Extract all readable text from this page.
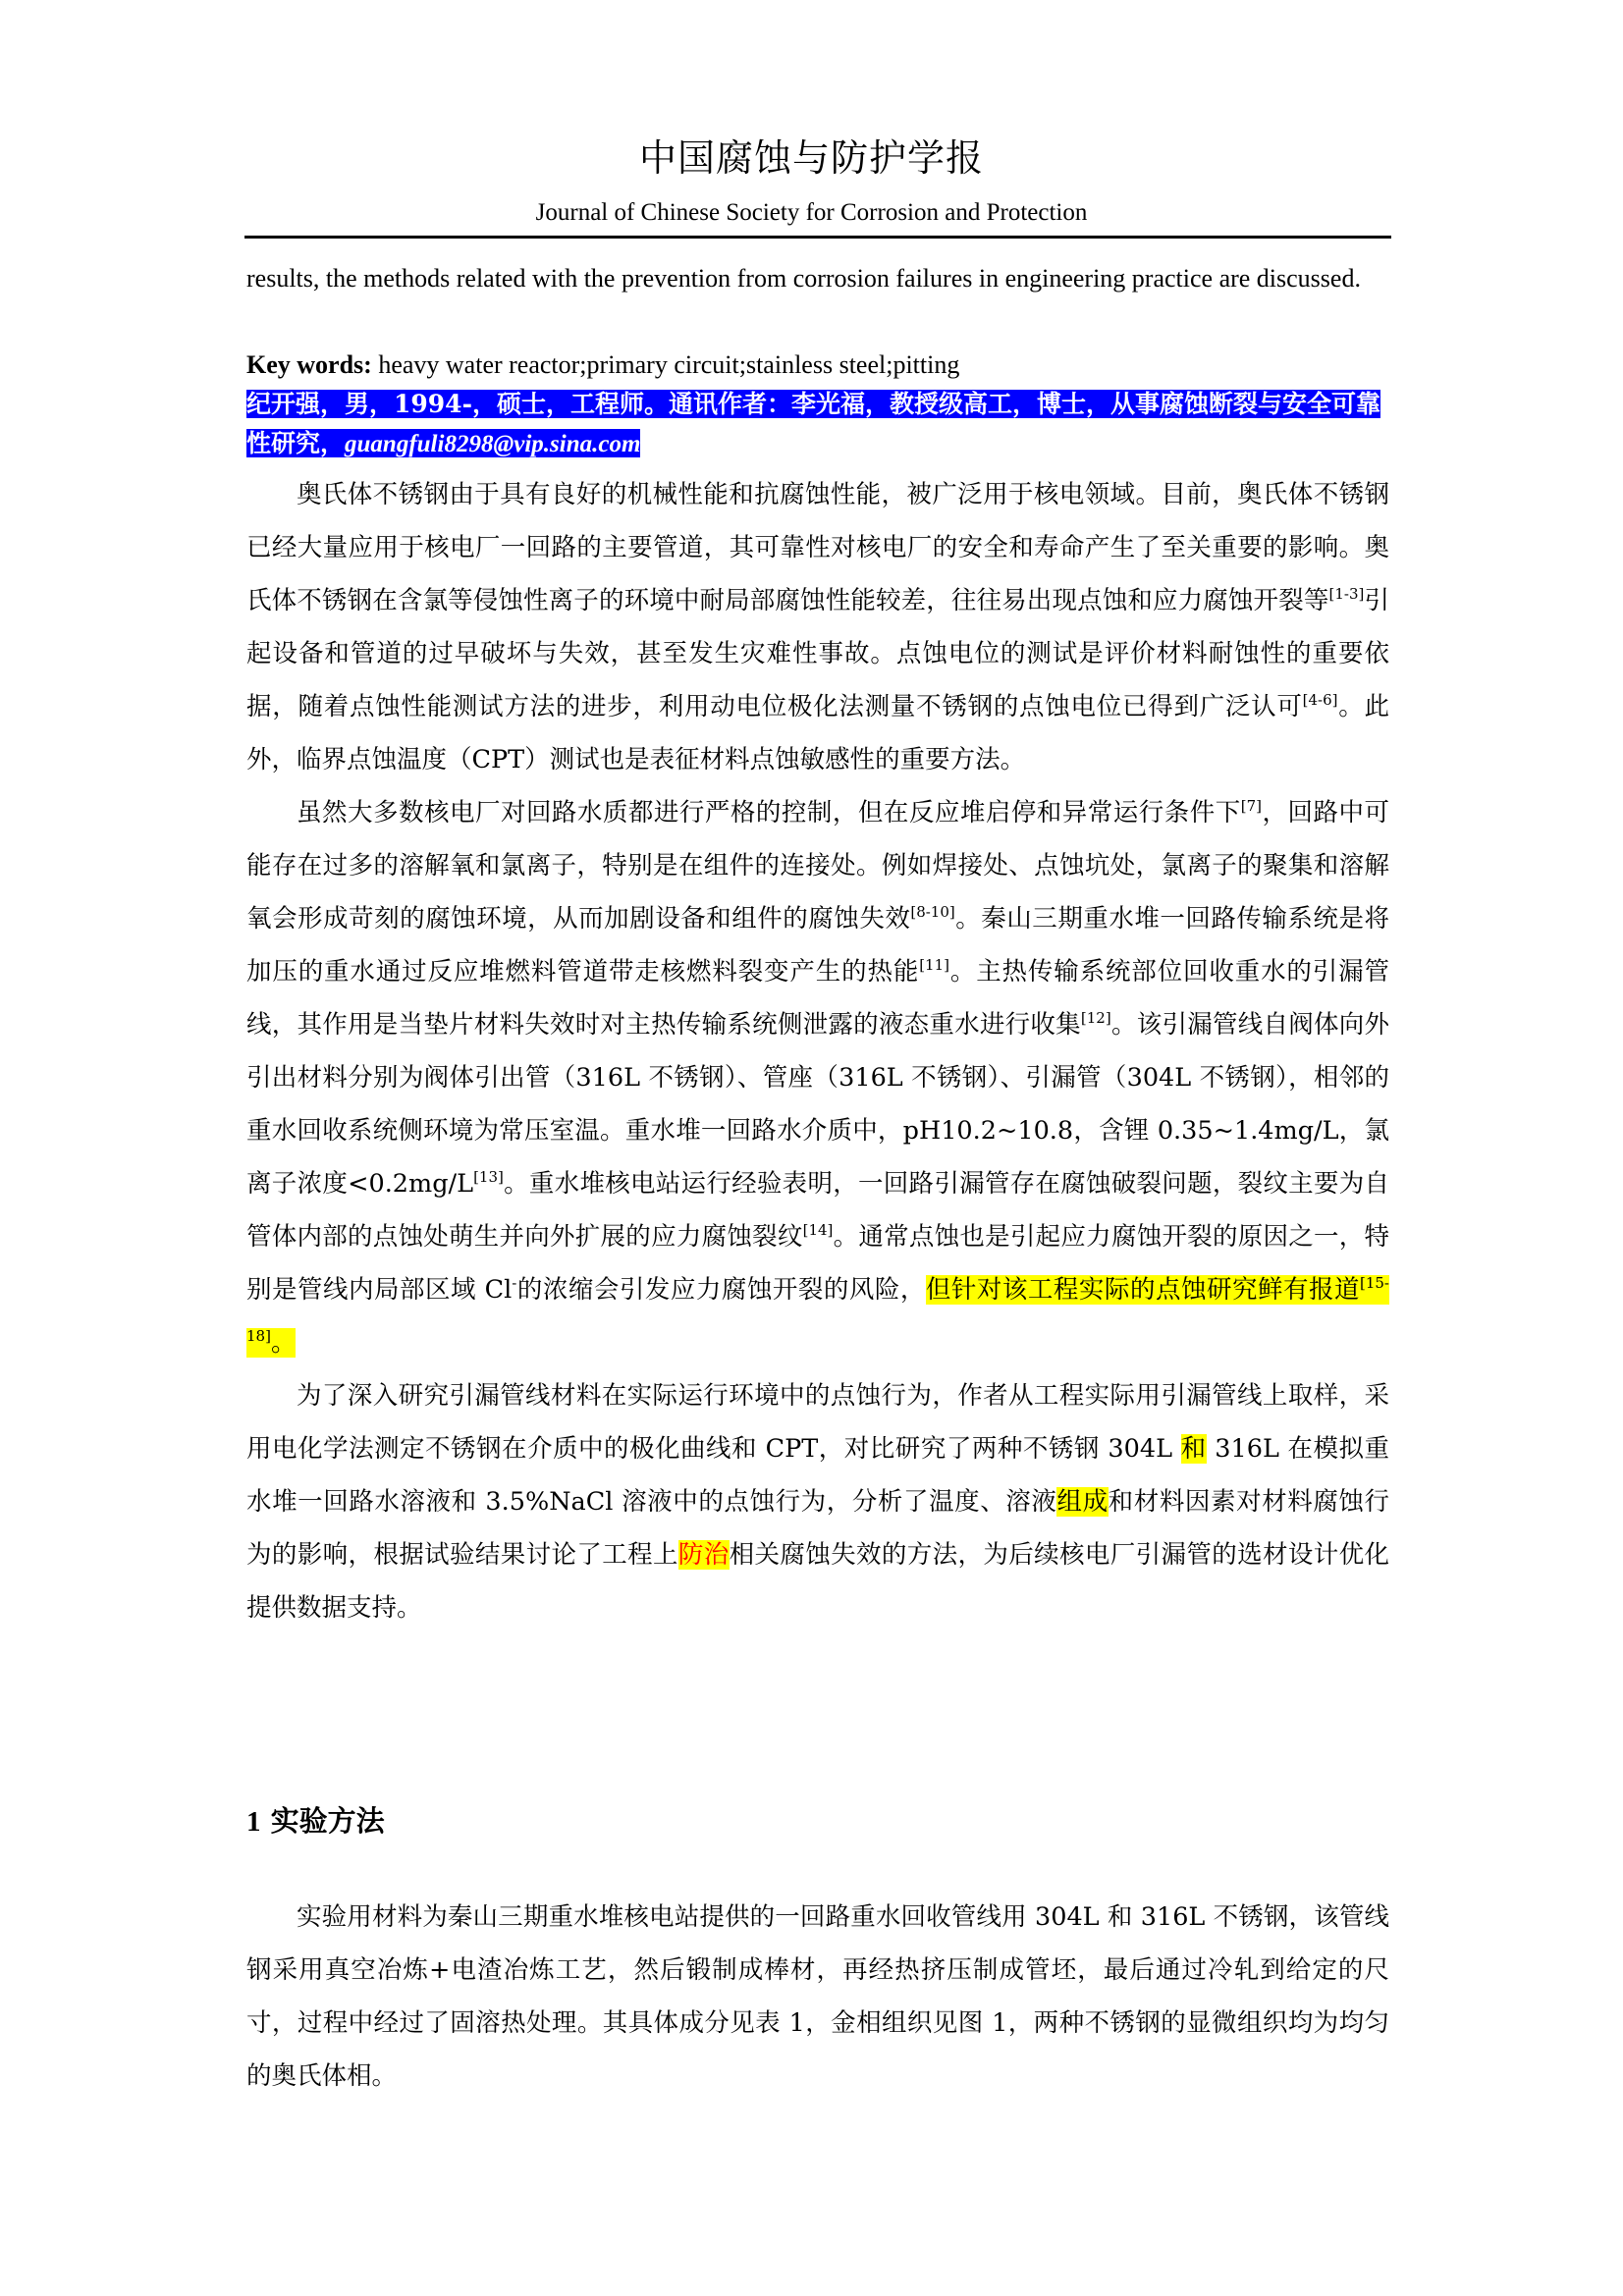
中国腐蚀与防护学报
Journal of Chinese Society for Corrosion and Protection

results, the methods related with the prevention from corrosion failures in engineering practice are discussed.

Key words: heavy water reactor;primary circuit;stainless steel;pitting
纪开强，男，1994-，硕士，工程师。通讯作者：李光福，教授级高工，博士，从事腐蚀断裂与安全可靠性研究，guangfuli8298@vip.sina.com

奥氏体不锈钢由于具有良好的机械性能和抗腐蚀性能，被广泛用于核电领域。目前，奥氏体不锈钢已经大量应用于核电厂一回路的主要管道，其可靠性对核电厂的安全和寿命产生了至关重要的影响。奥氏体不锈钢在含氯等侵蚀性离子的环境中耐局部腐蚀性能较差，往往易出现点蚀和应力腐蚀开裂等[1-3]引起设备和管道的过早破坏与失效，甚至发生灾难性事故。点蚀电位的测试是评价材料耐蚀性的重要依据，随着点蚀性能测试方法的进步，利用动电位极化法测量不锈钢的点蚀电位已得到广泛认可[4-6]。此外，临界点蚀温度（CPT）测试也是表征材料点蚀敏感性的重要方法。

虽然大多数核电厂对回路水质都进行严格的控制，但在反应堆启停和异常运行条件下[7]，回路中可能存在过多的溶解氧和氯离子，特别是在组件的连接处。例如焊接处、点蚀坑处，氯离子的聚集和溶解氧会形成苛刻的腐蚀环境，从而加剧设备和组件的腐蚀失效[8-10]。秦山三期重水堆一回路传输系统是将加压的重水通过反应堆燃料管道带走核燃料裂变产生的热能[11]。主热传输系统部位回收重水的引漏管线，其作用是当垫片材料失效时对主热传输系统侧泄露的液态重水进行收集[12]。该引漏管线自阀体向外引出材料分别为阀体引出管（316L 不锈钢）、管座（316L 不锈钢）、引漏管（304L 不锈钢），相邻的重水回收系统侧环境为常压室温。重水堆一回路水介质中，pH10.2~10.8，含锂 0.35~1.4mg/L，氯离子浓度<0.2mg/L[13]。重水堆核电站运行经验表明，一回路引漏管存在腐蚀破裂问题，裂纹主要为自管体内部的点蚀处萌生并向外扩展的应力腐蚀裂纹[14]。通常点蚀也是引起应力腐蚀开裂的原因之一，特别是管线内局部区域 Cl-的浓缩会引发应力腐蚀开裂的风险，但针对该工程实际的点蚀研究鲜有报道[15-18]。

为了深入研究引漏管线材料在实际运行环境中的点蚀行为，作者从工程实际用引漏管线上取样，采用电化学法测定不锈钢在介质中的极化曲线和 CPT，对比研究了两种不锈钢 304L 和 316L 在模拟重水堆一回路水溶液和 3.5%NaCl 溶液中的点蚀行为，分析了温度、溶液组成和材料因素对材料腐蚀行为的影响，根据试验结果讨论了工程上防治相关腐蚀失效的方法，为后续核电厂引漏管的选材设计优化提供数据支持。

1 实验方法

实验用材料为秦山三期重水堆核电站提供的一回路重水回收管线用 304L 和 316L 不锈钢，该管线钢采用真空冶炼+电渣冶炼工艺，然后锻制成棒材，再经热挤压制成管坯，最后通过冷轧到给定的尺寸，过程中经过了固溶热处理。其具体成分见表 1，金相组织见图 1，两种不锈钢的显微组织均为均匀的奥氏体相。
